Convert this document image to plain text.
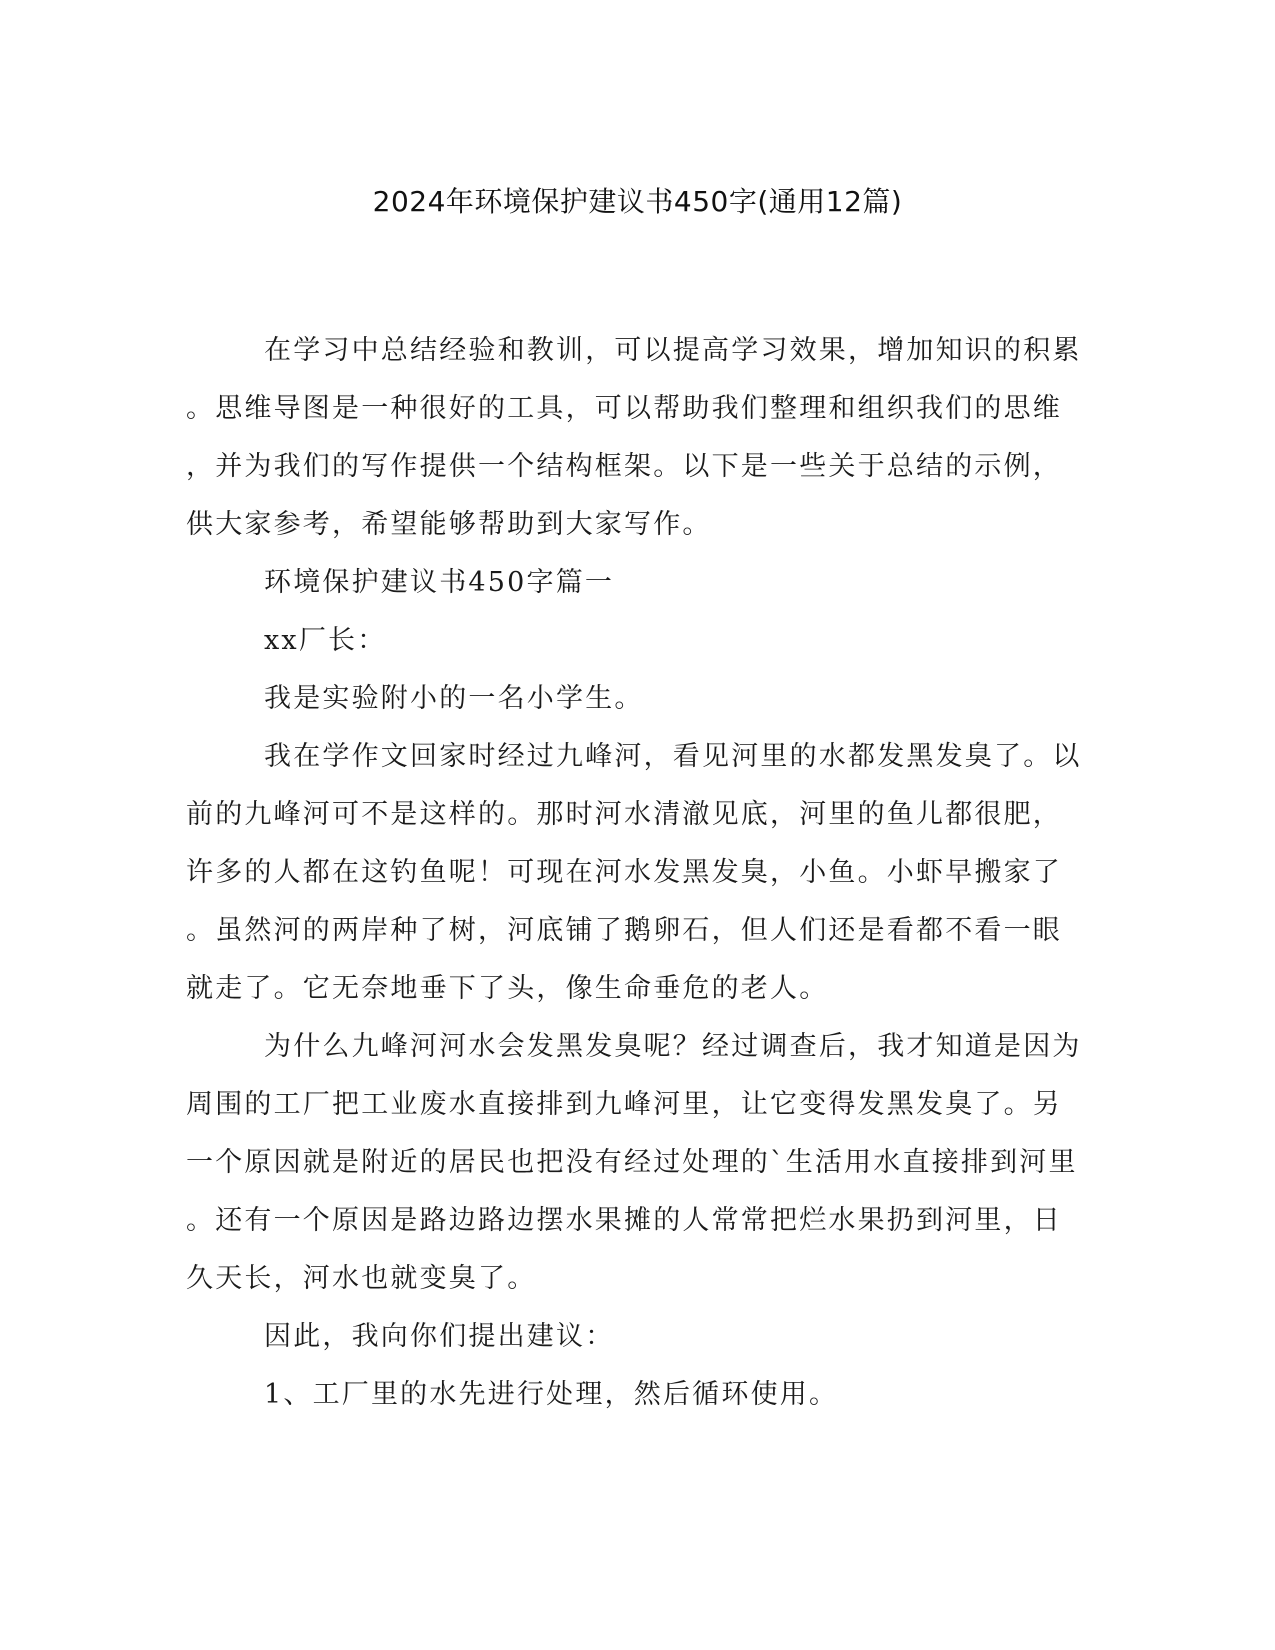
2024年环境保护建议书450字(通用12篇)
在学习中总结经验和教训，可以提高学习效果，增加知识的积累
。思维导图是一种很好的工具，可以帮助我们整理和组织我们的思维
，并为我们的写作提供一个结构框架。以下是一些关于总结的示例，
供大家参考，希望能够帮助到大家写作。
环境保护建议书450字篇一
xx厂长：
我是实验附小的一名小学生。
我在学作文回家时经过九峰河，看见河里的水都发黑发臭了。以
前的九峰河可不是这样的。那时河水清澈见底，河里的鱼儿都很肥，
许多的人都在这钓鱼呢！可现在河水发黑发臭，小鱼。小虾早搬家了
。虽然河的两岸种了树，河底铺了鹅卵石，但人们还是看都不看一眼
就走了。它无奈地垂下了头，像生命垂危的老人。
为什么九峰河河水会发黑发臭呢？经过调查后，我才知道是因为
周围的工厂把工业废水直接排到九峰河里，让它变得发黑发臭了。另
一个原因就是附近的居民也把没有经过处理的`生活用水直接排到河里
。还有一个原因是路边路边摆水果摊的人常常把烂水果扔到河里，日
久天长，河水也就变臭了。
因此，我向你们提出建议：
1、工厂里的水先进行处理，然后循环使用。
